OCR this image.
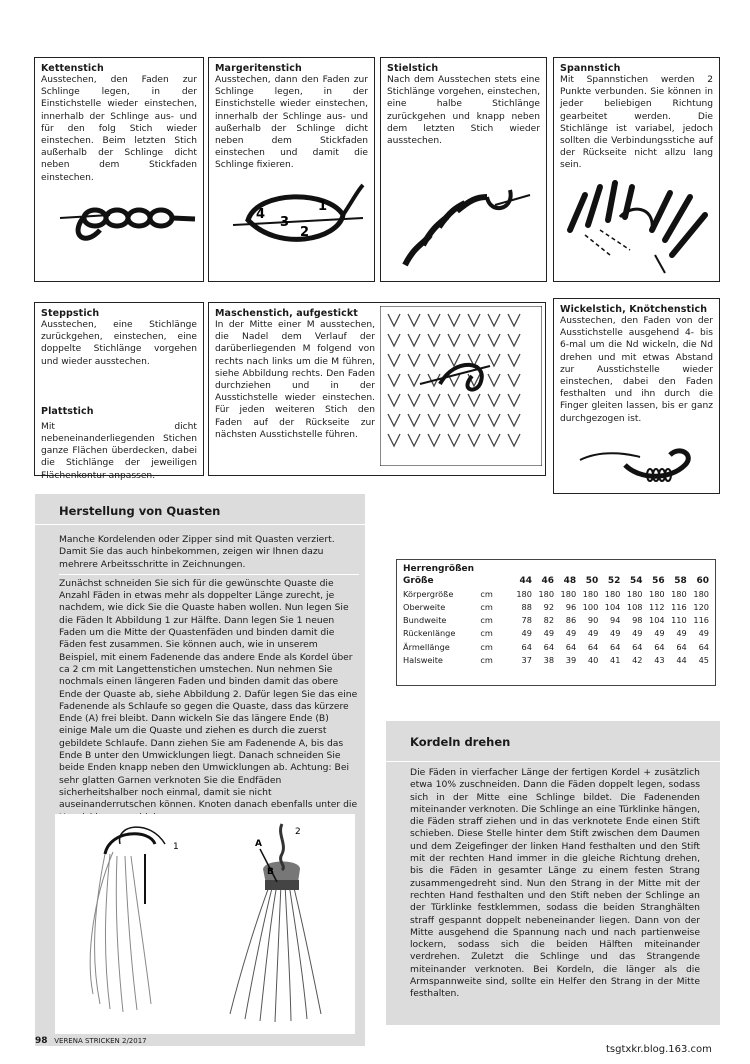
Kettenstich

Ausstechen, den Faden zur Schlinge legen, in der Einstichstelle wieder einstechen, innerhalb der Schlinge aus- und für den folg Stich wieder einstechen. Beim letzten Stich außerhalb der Schlinge dicht neben dem Stickfaden einstechen.

Margeritenstich

Ausstechen, dann den Faden zur Schlinge legen, in der Einstichstelle wieder einstechen, innerhalb der Schlinge aus- und außerhalb der Schlinge dicht neben dem Stickfaden einstechen und damit die Schlinge fixieren.

4
3
2
1
Stielstich

Nach dem Ausstechen stets eine Stichlänge vorgehen, einstechen, eine halbe Stichlänge zurückgehen und knapp neben dem letzten Stich wieder ausstechen.

Spannstich

Mit Spannstichen werden 2 Punkte verbunden. Sie können in jeder beliebigen Richtung gearbeitet werden. Die Stichlänge ist variabel, jedoch sollten die Verbindungsstiche auf der Rückseite nicht allzu lang sein.

Steppstich

Ausstechen, eine Stichlänge zurückgehen, einstechen, eine doppelte Stichlänge vorgehen und wieder ausstechen.

Plattstich

Mit dicht nebeneinanderliegenden Stichen ganze Flächen überdecken, dabei die Stichlänge der jeweiligen Flächenkontur anpassen.

Maschenstich, aufgestickt

In der Mitte einer M ausstechen, die Nadel dem Verlauf der darüberliegenden M folgend von rechts nach links um die M führen, siehe Abbildung rechts. Den Faden durchziehen und in der Ausstichstelle wieder einstechen. Für jeden weiteren Stich den Faden auf der Rückseite zur nächsten Ausstichstelle führen.

Wickelstich, Knötchenstich

Ausstechen, den Faden von der Ausstichstelle ausgehend 4- bis 6-mal um die Nd wickeln, die Nd drehen und mit etwas Abstand zur Ausstichstelle wieder einstechen, dabei den Faden festhalten und ihn durch die Finger gleiten lassen, bis er ganz durchgezogen ist.

Herstellung von Quasten

Manche Kordelenden oder Zipper sind mit Quasten verziert. Damit Sie das auch hinbekommen, zeigen wir Ihnen dazu mehrere Arbeitsschritte in Zeichnungen.

Zunächst schneiden Sie sich für die gewünschte Quaste die Anzahl Fäden in etwas mehr als doppelter Länge zurecht, je nachdem, wie dick Sie die Quaste haben wollen. Nun legen Sie die Fäden lt Abbildung 1 zur Hälfte. Dann legen Sie 1 neuen Faden um die Mitte der Quastenfäden und binden damit die Fäden fest zusammen. Sie können auch, wie in unserem Beispiel, mit einem Fadenende das andere Ende als Kordel über ca 2 cm mit Langettenstichen umstechen. Nun nehmen Sie nochmals einen längeren Faden und binden damit das obere Ende der Quaste ab, siehe Abbildung 2. Dafür legen Sie das eine Fadenende als Schlaufe so gegen die Quaste, dass das kürzere Ende (A) frei bleibt. Dann wickeln Sie das längere Ende (B) einige Male um die Quaste und ziehen es durch die zuerst gebildete Schlaufe. Dann ziehen Sie am Fadenende A, bis das Ende B unter den Umwicklungen liegt. Danach schneiden Sie beide Enden knapp neben den Umwicklungen ab. Achtung: Bei sehr glatten Garnen verknoten Sie die Endfäden sicherheitshalber noch einmal, damit sie nicht auseinanderrutschen können. Knoten danach ebenfalls unter die

1	A
B
2
Herrengrößen
Größe		44	46	48	50	52	54	56	58	60
Körpergröße	cm	180	180	180	180	180	180	180	180	180
Oberweite	cm	88	92	96	100	104	108	112	116	120
Bundweite	cm	78	82	86	90	94	98	104	110	116
Rückenlänge	cm	49	49	49	49	49	49	49	49	49
Ärmellänge	cm	64	64	64	64	64	64	64	64	64
Halsweite	cm	37	38	39	40	41	42	43	44	45
Kordeln drehen

Die Fäden in vierfacher Länge der fertigen Kordel + zusätzlich etwa 10% zuschneiden. Dann die Fäden doppelt legen, sodass sich in der Mitte eine Schlinge bildet. Die Fadenenden miteinander verknoten. Die Schlinge an eine Türklinke hängen, die Fäden straff ziehen und in das verknotete Ende einen Stift schieben. Diese Stelle hinter dem Stift zwischen dem Daumen und dem Zeigefinger der linken Hand festhalten und den Stift mit der rechten Hand immer in die gleiche Richtung drehen, bis die Fäden in gesamter Länge zu einem festen Strang zusammengedreht sind. Nun den Strang in der Mitte mit der rechten Hand festhalten und den Stift neben der Schlinge an der Türklinke festklemmen, sodass die beiden Stranghälten straff gespannt doppelt nebeneinander liegen. Dann von der Mitte ausgehend die Spannung nach und nach partienweise lockern, sodass sich die beiden Hälften miteinander verdrehen. Zuletzt die Schlinge und das Strangende miteinander verknoten. Bei Kordeln, die länger als die Armspannweite sind, sollte ein Helfer den Strang in der Mitte festhalten.

98 VERENA STRICKEN 2/2017
tsgtxkr.blog.163.com
